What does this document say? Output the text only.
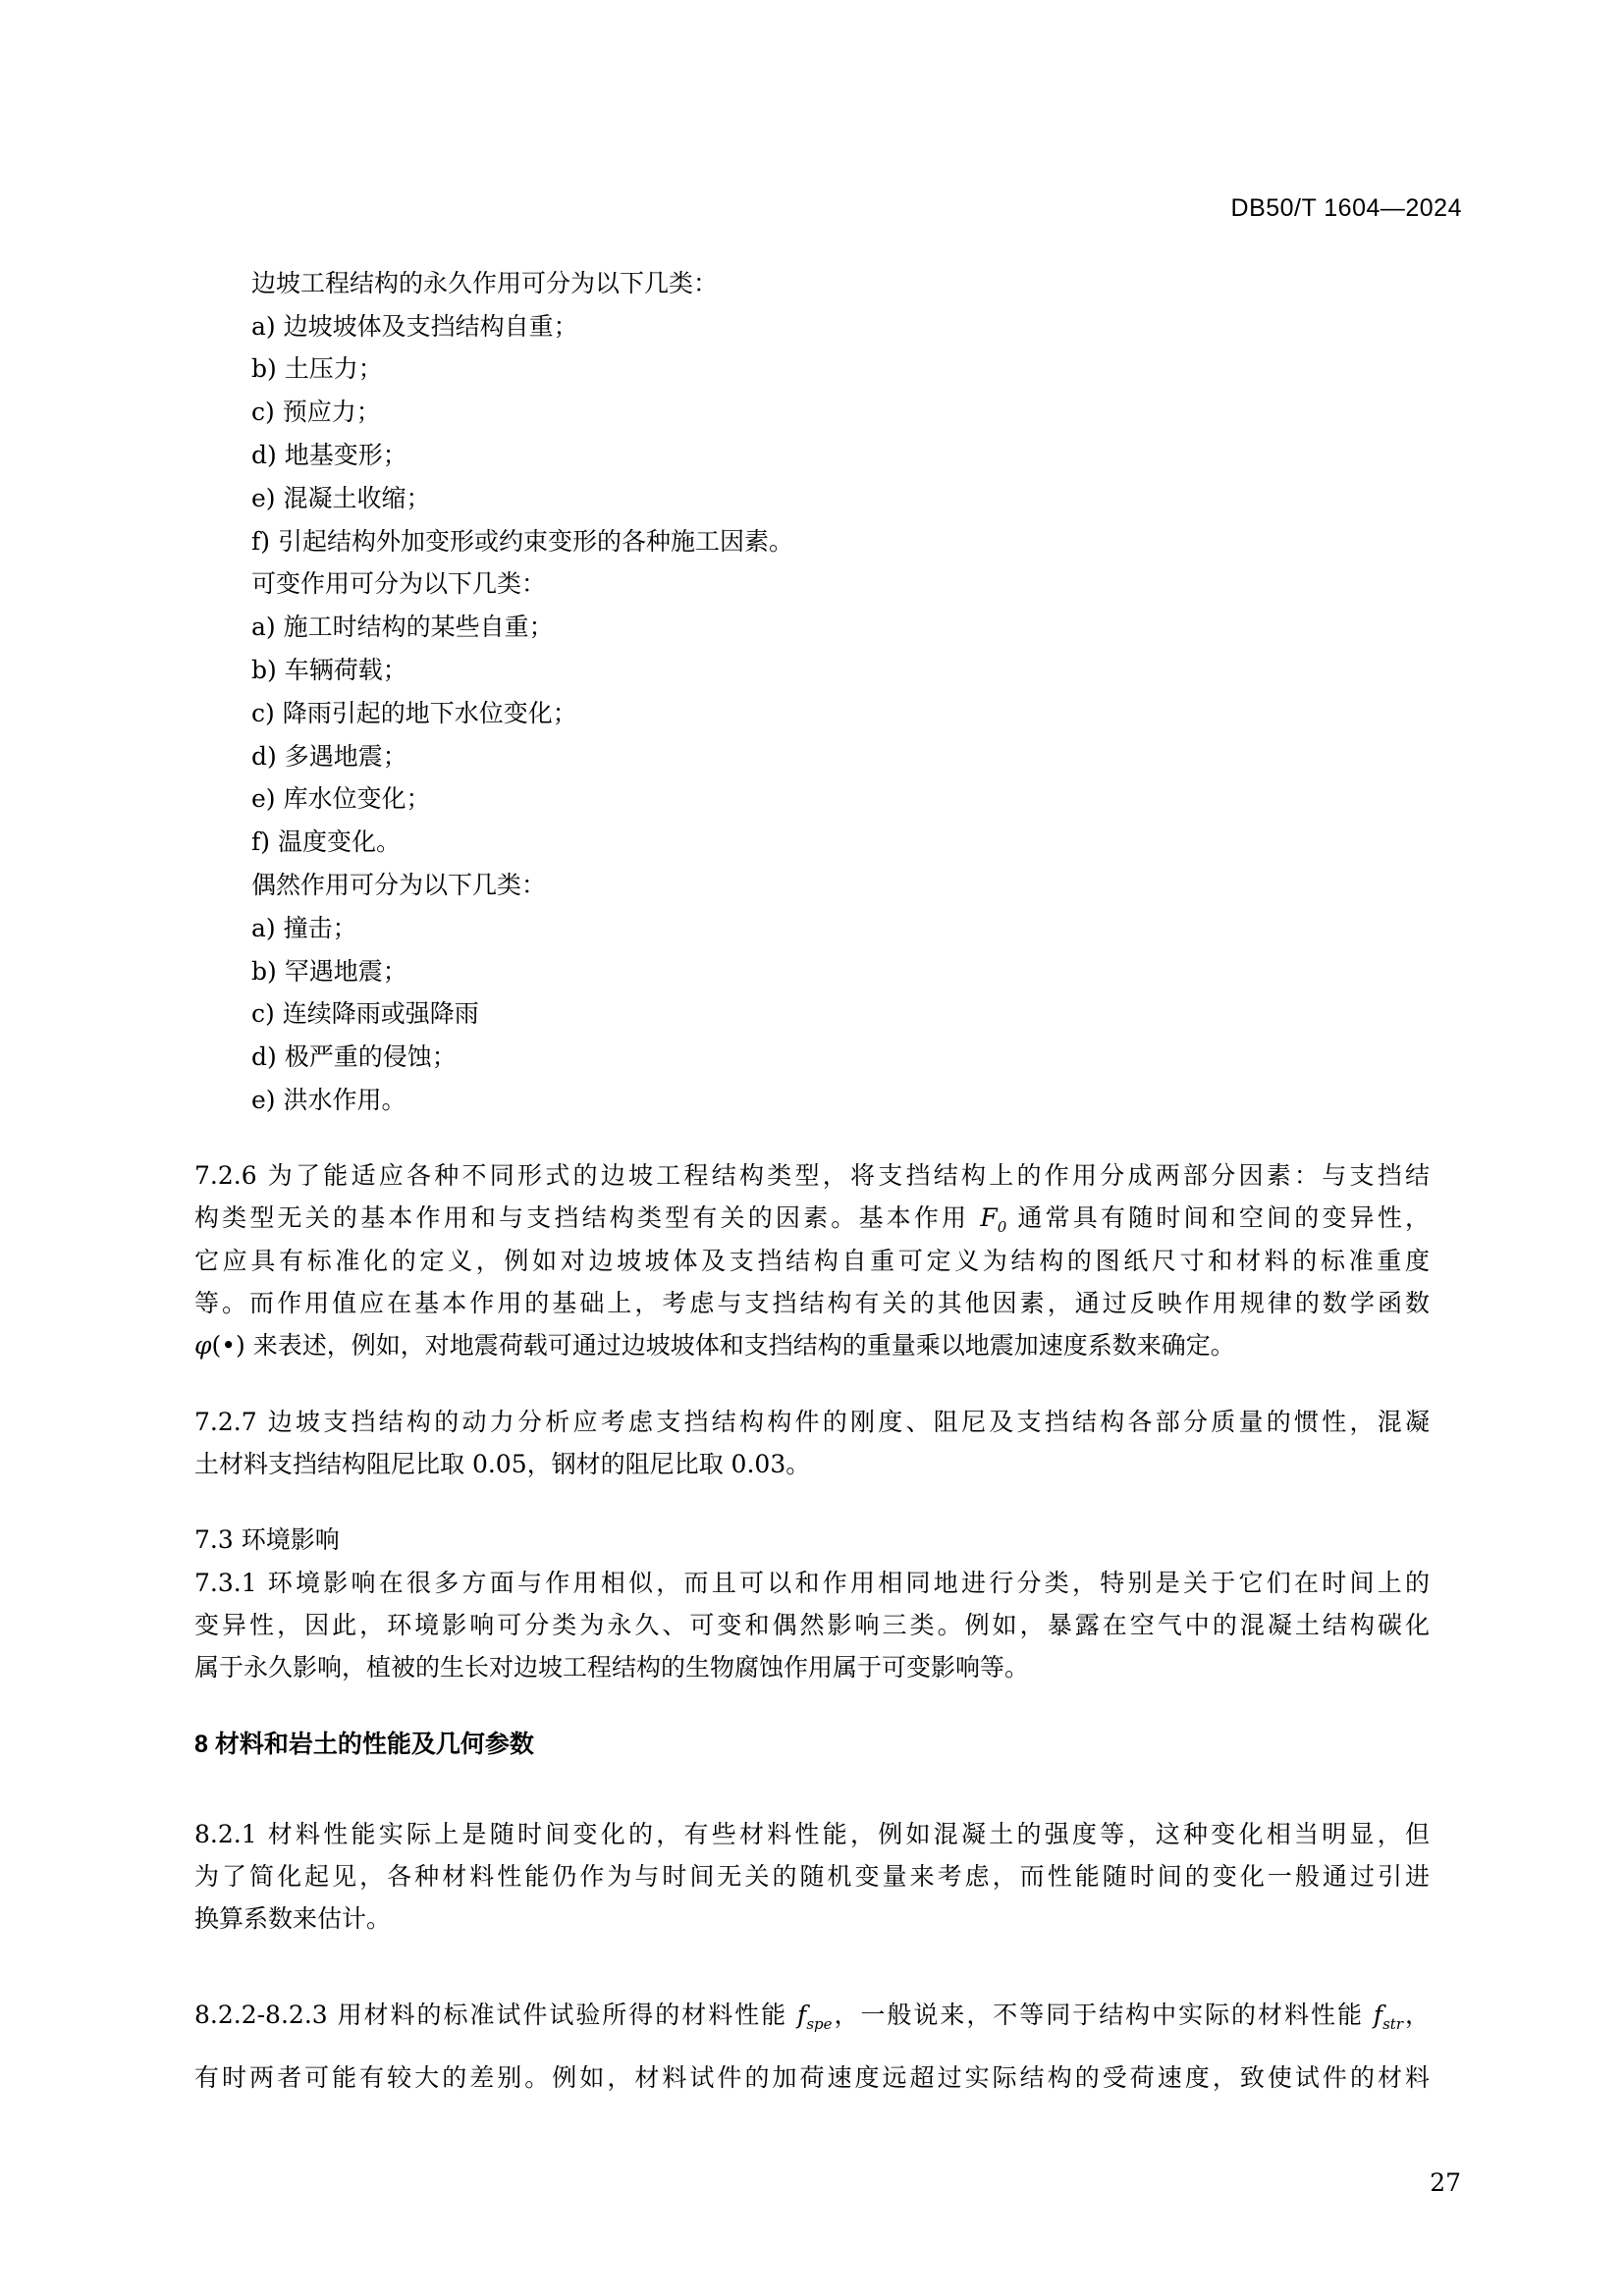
DB50/T 1604—2024
边坡工程结构的永久作用可分为以下几类：
a) 边坡坡体及支挡结构自重；
b) 土压力；
c) 预应力；
d) 地基变形；
e) 混凝土收缩；
f) 引起结构外加变形或约束变形的各种施工因素。
可变作用可分为以下几类：
a) 施工时结构的某些自重；
b) 车辆荷载；
c) 降雨引起的地下水位变化；
d) 多遇地震；
e) 库水位变化；
f) 温度变化。
偶然作用可分为以下几类：
a) 撞击；
b) 罕遇地震；
c) 连续降雨或强降雨
d) 极严重的侵蚀；
e) 洪水作用。
7.2.6 为了能适应各种不同形式的边坡工程结构类型，将支挡结构上的作用分成两部分因素：与支挡结
构类型无关的基本作用和与支挡结构类型有关的因素。基本作用 $F_0$ 通常具有随时间和空间的变异性，
它应具有标准化的定义，例如对边坡坡体及支挡结构自重可定义为结构的图纸尺寸和材料的标准重度
等。而作用值应在基本作用的基础上，考虑与支挡结构有关的其他因素，通过反映作用规律的数学函数
φ(•) 来表述，例如，对地震荷载可通过边坡坡体和支挡结构的重量乘以地震加速度系数来确定。
7.2.7 边坡支挡结构的动力分析应考虑支挡结构构件的刚度、阻尼及支挡结构各部分质量的惯性，混凝
土材料支挡结构阻尼比取 0.05，钢材的阻尼比取 0.03。
7.3 环境影响
7.3.1 环境影响在很多方面与作用相似，而且可以和作用相同地进行分类，特别是关于它们在时间上的
变异性，因此，环境影响可分类为永久、可变和偶然影响三类。例如，暴露在空气中的混凝土结构碳化
属于永久影响，植被的生长对边坡工程结构的生物腐蚀作用属于可变影响等。
8 材料和岩土的性能及几何参数
8.2.1 材料性能实际上是随时间变化的，有些材料性能，例如混凝土的强度等，这种变化相当明显，但
为了简化起见，各种材料性能仍作为与时间无关的随机变量来考虑，而性能随时间的变化一般通过引进
换算系数来估计。
8.2.2-8.2.3 用材料的标准试件试验所得的材料性能 $f_{spe}$，一般说来，不等同于结构中实际的材料性能 $f_{str}$，
有时两者可能有较大的差别。例如，材料试件的加荷速度远超过实际结构的受荷速度，致使试件的材料
27
